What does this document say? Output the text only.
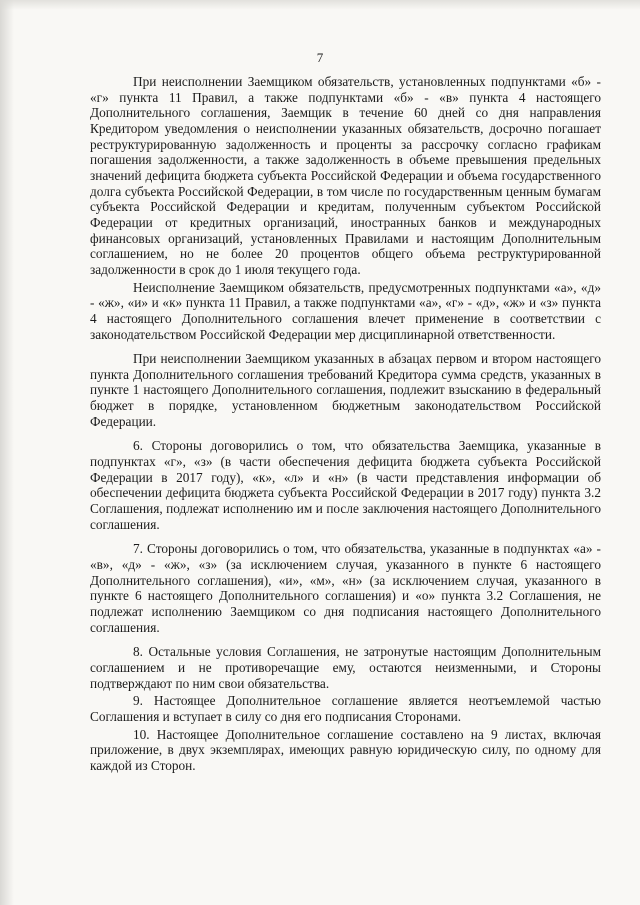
7

При неисполнении Заемщиком обязательств, установленных подпунктами «б» - «г» пункта 11 Правил, а также подпунктами «б» - «в» пункта 4 настоящего Дополнительного соглашения, Заемщик в течение 60 дней со дня направления Кредитором уведомления о неисполнении указанных обязательств, досрочно погашает реструктурированную задолженность и проценты за рассрочку согласно графикам погашения задолженности, а также задолженность в объеме превышения предельных значений дефицита бюджета субъекта Российской Федерации и объема государственного долга субъекта Российской Федерации, в том числе по государственным ценным бумагам субъекта Российской Федерации и кредитам, полученным субъектом Российской Федерации от кредитных организаций, иностранных банков и международных финансовых организаций, установленных Правилами и настоящим Дополнительным соглашением, но не более 20 процентов общего объема реструктурированной задолженности в срок до 1 июля текущего года.

Неисполнение Заемщиком обязательств, предусмотренных подпунктами «а», «д» - «ж», «и» и «к» пункта 11 Правил, а также подпунктами «а», «г» - «д», «ж» и «з» пункта 4 настоящего Дополнительного соглашения влечет применение в соответствии с законодательством Российской Федерации мер дисциплинарной ответственности.

При неисполнении Заемщиком указанных в абзацах первом и втором настоящего пункта Дополнительного соглашения требований Кредитора сумма средств, указанных в пункте 1 настоящего Дополнительного соглашения, подлежит взысканию в федеральный бюджет в порядке, установленном бюджетным законодательством Российской Федерации.

6. Стороны договорились о том, что обязательства Заемщика, указанные в подпунктах «г», «з» (в части обеспечения дефицита бюджета субъекта Российской Федерации в 2017 году), «к», «л» и «н» (в части представления информации об обеспечении дефицита бюджета субъекта Российской Федерации в 2017 году) пункта 3.2 Соглашения, подлежат исполнению им и после заключения настоящего Дополнительного соглашения.

7. Стороны договорились о том, что обязательства, указанные в подпунктах «а» - «в», «д» - «ж», «з» (за исключением случая, указанного в пункте 6 настоящего Дополнительного соглашения), «и», «м», «н» (за исключением случая, указанного в пункте 6 настоящего Дополнительного соглашения) и «о» пункта 3.2 Соглашения, не подлежат исполнению Заемщиком со дня подписания настоящего Дополнительного соглашения.

8. Остальные условия Соглашения, не затронутые настоящим Дополнительным соглашением и не противоречащие ему, остаются неизменными, и Стороны подтверждают по ним свои обязательства.

9. Настоящее Дополнительное соглашение является неотъемлемой частью Соглашения и вступает в силу со дня его подписания Сторонами.

10. Настоящее Дополнительное соглашение составлено на 9 листах, включая приложение, в двух экземплярах, имеющих равную юридическую силу, по одному для каждой из Сторон.
